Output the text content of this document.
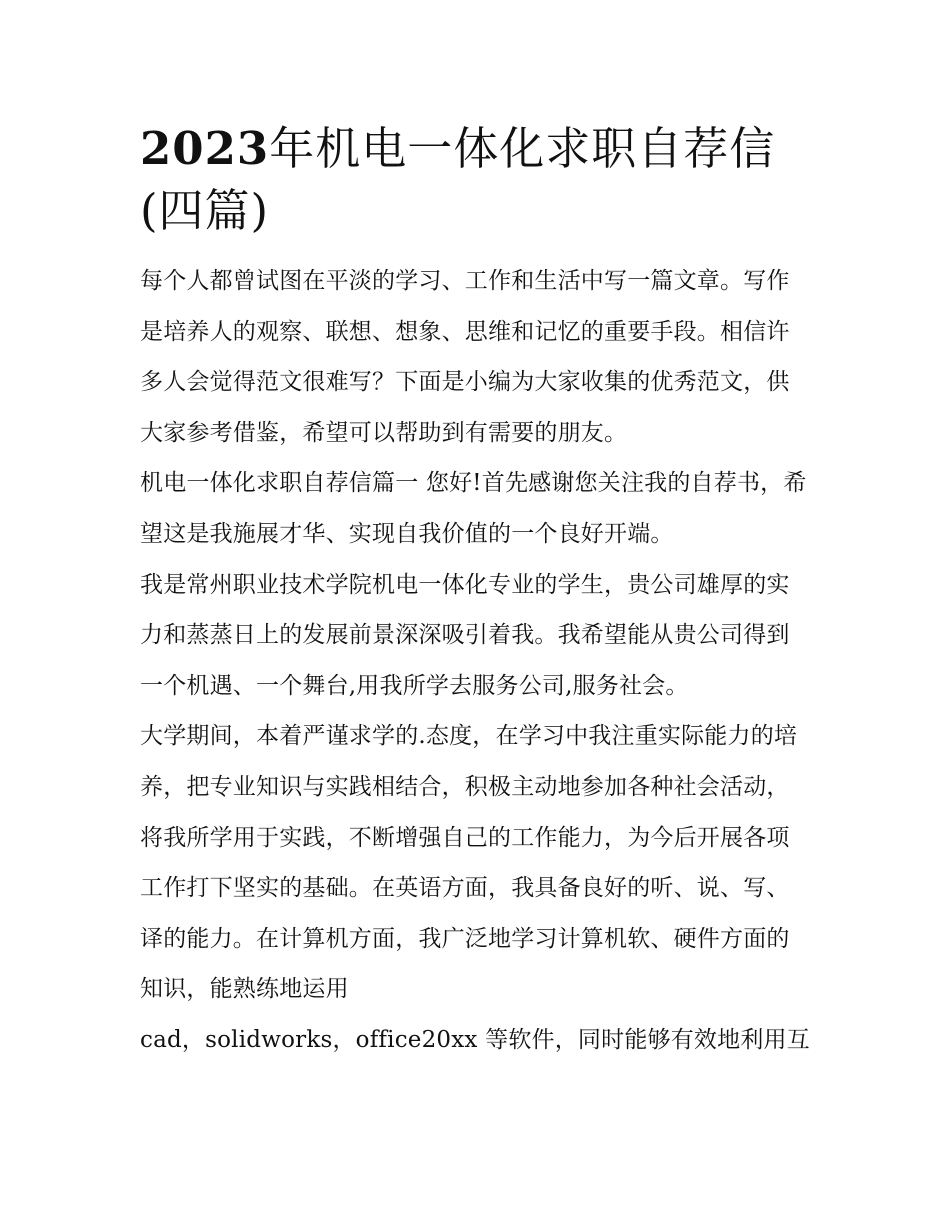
2023年机电一体化求职自荐信(四篇)

每个人都曾试图在平淡的学习、工作和生活中写一篇文章。写作是培养人的观察、联想、想象、思维和记忆的重要手段。相信许多人会觉得范文很难写？下面是小编为大家收集的优秀范文，供大家参考借鉴，希望可以帮助到有需要的朋友。

机电一体化求职自荐信篇一 您好!首先感谢您关注我的自荐书，希望这是我施展才华、实现自我价值的一个良好开端。

我是常州职业技术学院机电一体化专业的学生，贵公司雄厚的实力和蒸蒸日上的发展前景深深吸引着我。我希望能从贵公司得到一个机遇、一个舞台,用我所学去服务公司,服务社会。

大学期间，本着严谨求学的.态度，在学习中我注重实际能力的培养，把专业知识与实践相结合，积极主动地参加各种社会活动，将我所学用于实践，不断增强自己的工作能力，为今后开展各项工作打下坚实的基础。在英语方面，我具备良好的听、说、写、译的能力。在计算机方面，我广泛地学习计算机软、硬件方面的知识，能熟练地运用

cad，solidworks，office20xx 等软件，同时能够有效地利用互
